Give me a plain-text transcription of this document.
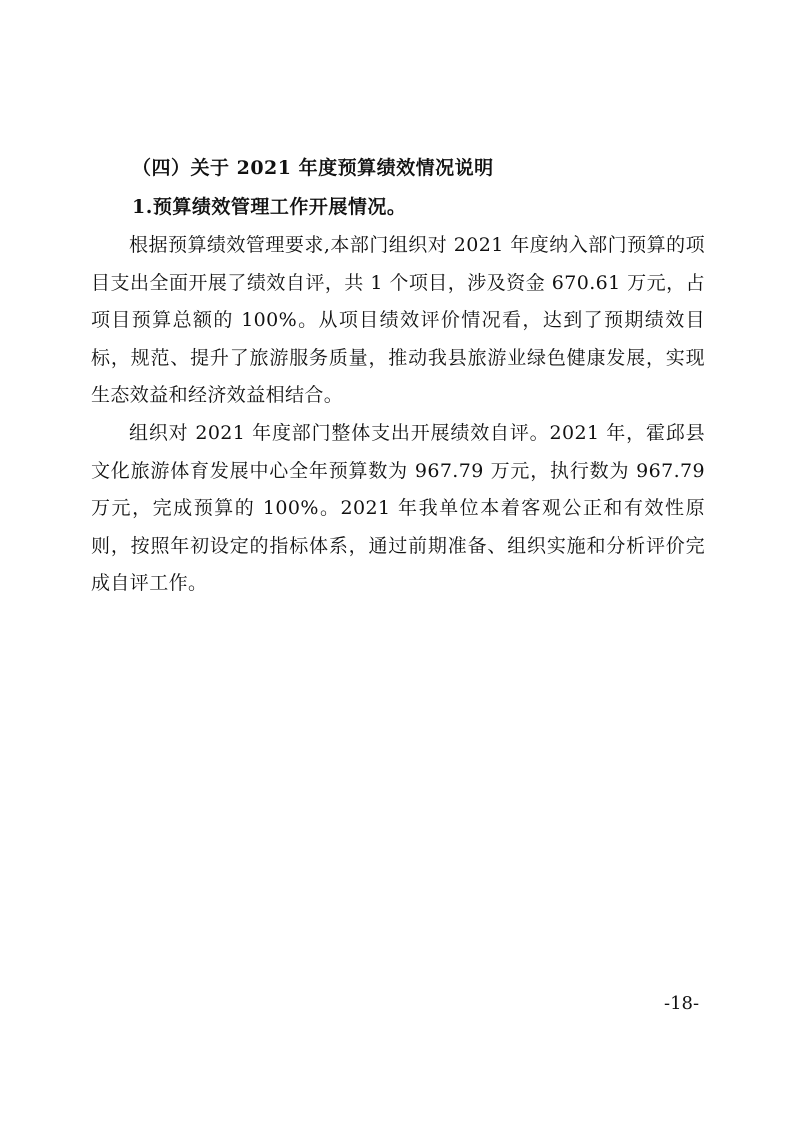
（四）关于 2021 年度预算绩效情况说明
1.预算绩效管理工作开展情况。

根据预算绩效管理要求,本部门组织对 2021 年度纳入部门预算的项目支出全面开展了绩效自评，共 1 个项目，涉及资金 670.61 万元，占项目预算总额的 100%。从项目绩效评价情况看，达到了预期绩效目标，规范、提升了旅游服务质量，推动我县旅游业绿色健康发展，实现生态效益和经济效益相结合。

组织对 2021 年度部门整体支出开展绩效自评。2021 年，霍邱县文化旅游体育发展中心全年预算数为 967.79 万元，执行数为 967.79 万元，完成预算的 100%。2021 年我单位本着客观公正和有效性原则，按照年初设定的指标体系，通过前期准备、组织实施和分析评价完成自评工作。

-18-
